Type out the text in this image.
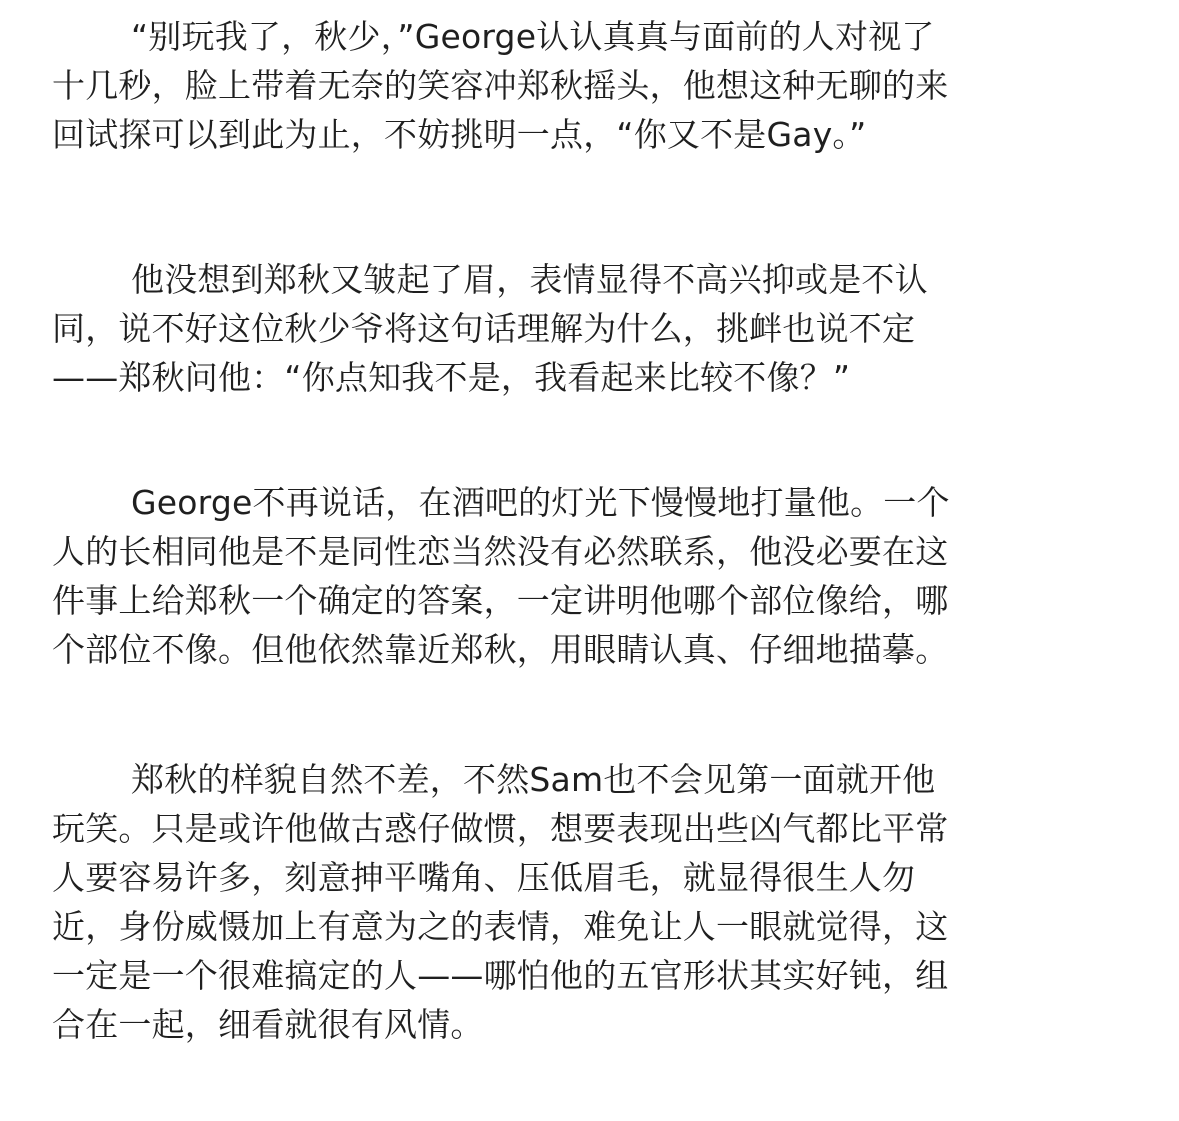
“别玩我了，秋少，”George认认真真与面前的人对视了
十几秒，脸上带着无奈的笑容冲郑秋摇头，他想这种无聊的来
回试探可以到此为止，不妨挑明一点，“你又不是Gay。”
他没想到郑秋又皱起了眉，表情显得不高兴抑或是不认
同，说不好这位秋少爷将这句话理解为什么，挑衅也说不定
——郑秋问他：“你点知我不是，我看起来比较不像？”
George不再说话，在酒吧的灯光下慢慢地打量他。一个
人的长相同他是不是同性恋当然没有必然联系，他没必要在这
件事上给郑秋一个确定的答案，一定讲明他哪个部位像给，哪
个部位不像。但他依然靠近郑秋，用眼睛认真、仔细地描摹。
郑秋的样貌自然不差，不然Sam也不会见第一面就开他
玩笑。只是或许他做古惑仔做惯，想要表现出些凶气都比平常
人要容易许多，刻意抻平嘴角、压低眉毛，就显得很生人勿
近，身份威慑加上有意为之的表情，难免让人一眼就觉得，这
一定是一个很难搞定的人——哪怕他的五官形状其实好钝，组
合在一起，细看就很有风情。
